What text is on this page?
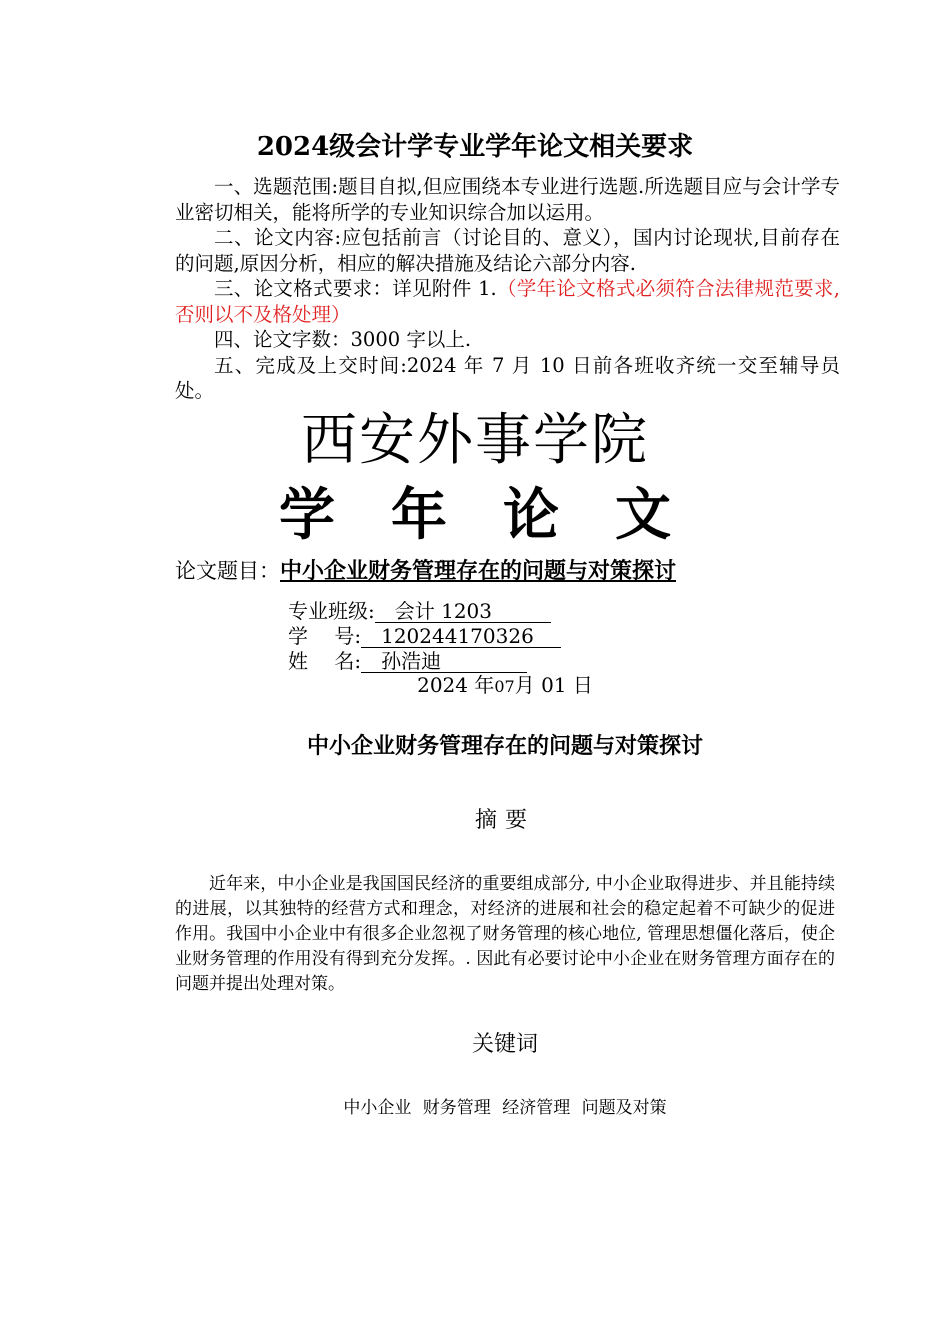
2024级会计学专业学年论文相关要求

一、选题范围:题目自拟,但应围绕本专业进行选题.所选题目应与会计学专业密切相关，能将所学的专业知识综合加以运用。

二、论文内容:应包括前言（讨论目的、意义），国内讨论现状,目前存在的问题,原因分析，相应的解决措施及结论六部分内容.

三、论文格式要求：详见附件 1.（学年论文格式必须符合法律规范要求,否则以不及格处理）

四、论文字数：3000 字以上.

五、完成及上交时间:2024 年 7 月 10 日前各班收齐统一交至辅导员处。

西安外事学院
学 年 论 文
论文题目：中小企业财务管理存在的问题与对策探讨
专业班级: 会计 1203
学　 号: 120244170326
姓　 名: 孙浩迪
2024 年07月 01 日
中小企业财务管理存在的问题与对策探讨
摘要

近年来，中小企业是我国国民经济的重要组成部分, 中小企业取得进步、并且能持续的进展，以其独特的经营方式和理念，对经济的进展和社会的稳定起着不可缺少的促进作用。我国中小企业中有很多企业忽视了财务管理的核心地位, 管理思想僵化落后，使企业财务管理的作用没有得到充分发挥。. 因此有必要讨论中小企业在财务管理方面存在的问题并提出处理对策。

关键词
中小企业 财务管理 经济管理 问题及对策
